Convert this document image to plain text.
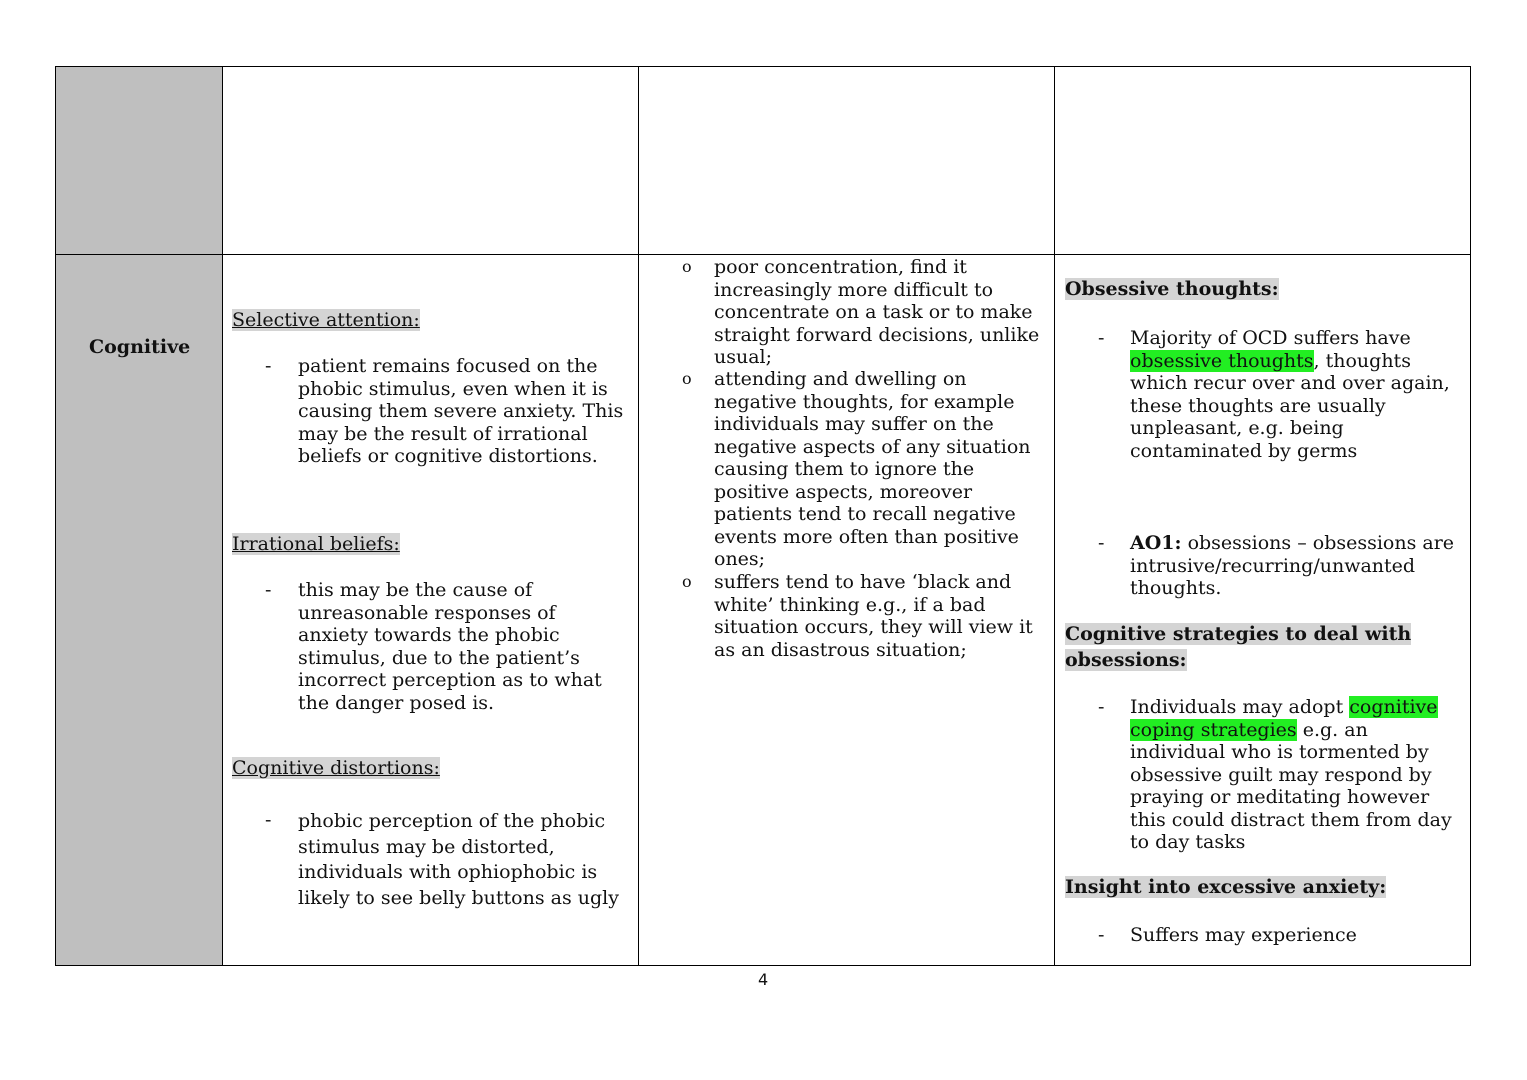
Cognitive
Selective attention:
- patient remains focused on the
phobic stimulus, even when it is
causing them severe anxiety. This
may be the result of irrational
beliefs or cognitive distortions.
Irrational beliefs:
- this may be the cause of
unreasonable responses of
anxiety towards the phobic
stimulus, due to the patient’s
incorrect perception as to what
the danger posed is.
Cognitive distortions:
- phobic perception of the phobic
stimulus may be distorted,
individuals with ophiophobic is
likely to see belly buttons as ugly
o poor concentration, find it
increasingly more difficult to
concentrate on a task or to make
straight forward decisions, unlike
usual;
o attending and dwelling on
negative thoughts, for example
individuals may suffer on the
negative aspects of any situation
causing them to ignore the
positive aspects, moreover
patients tend to recall negative
events more often than positive
ones;
o suffers tend to have ‘black and
white’ thinking e.g., if a bad
situation occurs, they will view it
as an disastrous situation;
Obsessive thoughts:
- Majority of OCD suffers have
obsessive thoughts, thoughts
which recur over and over again,
these thoughts are usually
unpleasant, e.g. being
contaminated by germs
- AO1: obsessions – obsessions are
intrusive/recurring/unwanted
thoughts.
Cognitive strategies to deal with
obsessions:
- Individuals may adopt cognitive
coping strategies e.g. an
individual who is tormented by
obsessive guilt may respond by
praying or meditating however
this could distract them from day
to day tasks
Insight into excessive anxiety:
- Suffers may experience
4
